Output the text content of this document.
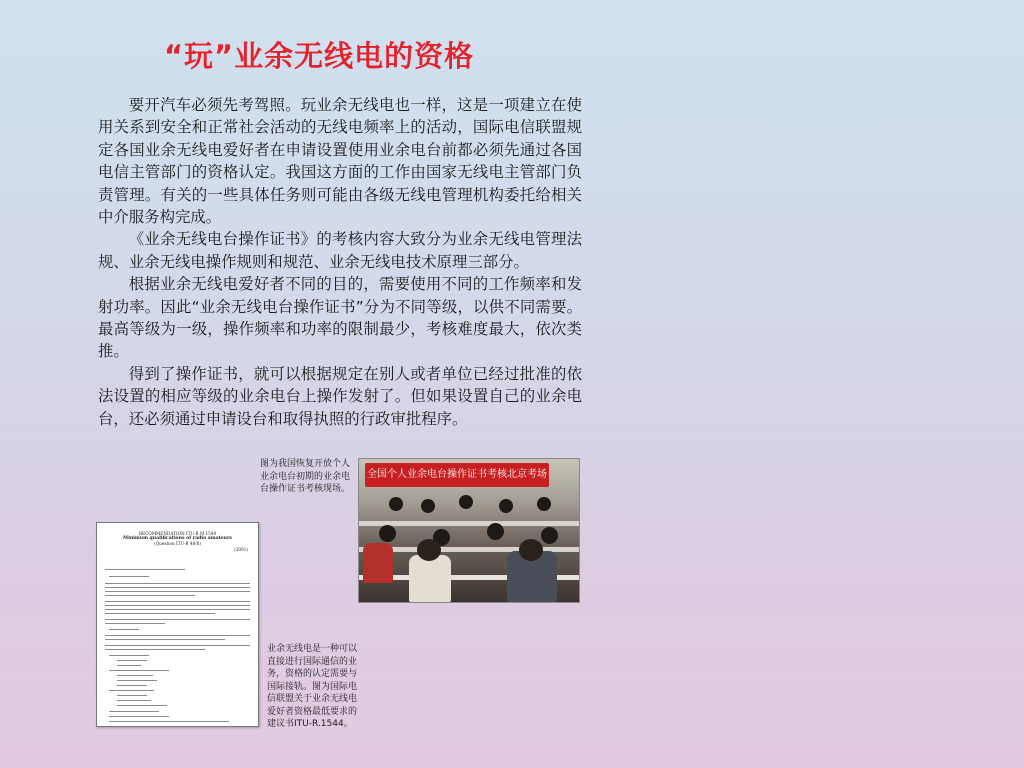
“玩”业余无线电的资格

要开汽车必须先考驾照。玩业余无线电也一样，这是一项建立在使用关系到安全和正常社会活动的无线电频率上的活动，国际电信联盟规定各国业余无线电爱好者在申请设置使用业余电台前都必须先通过各国电信主管部门的资格认定。我国这方面的工作由国家无线电主管部门负责管理。有关的一些具体任务则可能由各级无线电管理机构委托给相关中介服务构完成。

《业余无线电台操作证书》的考核内容大致分为业余无线电管理法规、业余无线电操作规则和规范、业余无线电技术原理三部分。

根据业余无线电爱好者不同的目的，需要使用不同的工作频率和发射功率。因此“业余无线电台操作证书”分为不同等级，以供不同需要。最高等级为一级，操作频率和功率的限制最少，考核难度最大，依次类推。

得到了操作证书，就可以根据规定在别人或者单位已经过批准的依法设置的相应等级的业余电台上操作发射了。但如果设置自己的业余电台，还必须通过申请设台和取得执照的行政审批程序。

图为我国恢复开放个人业余电台初期的业余电台操作证书考核现场。
全国个人业余电台操作证书考核北京考场
RECOMMENDATION ITU-R M.1544
Minimum qualifications of radio amateurs
(Question ITU-R 48/8)
(2001)
业余无线电是一种可以直接进行国际通信的业务，资格的认定需要与国际接轨。图为国际电信联盟关于业余无线电爱好者资格最低要求的建议书ITU-R.1544。
